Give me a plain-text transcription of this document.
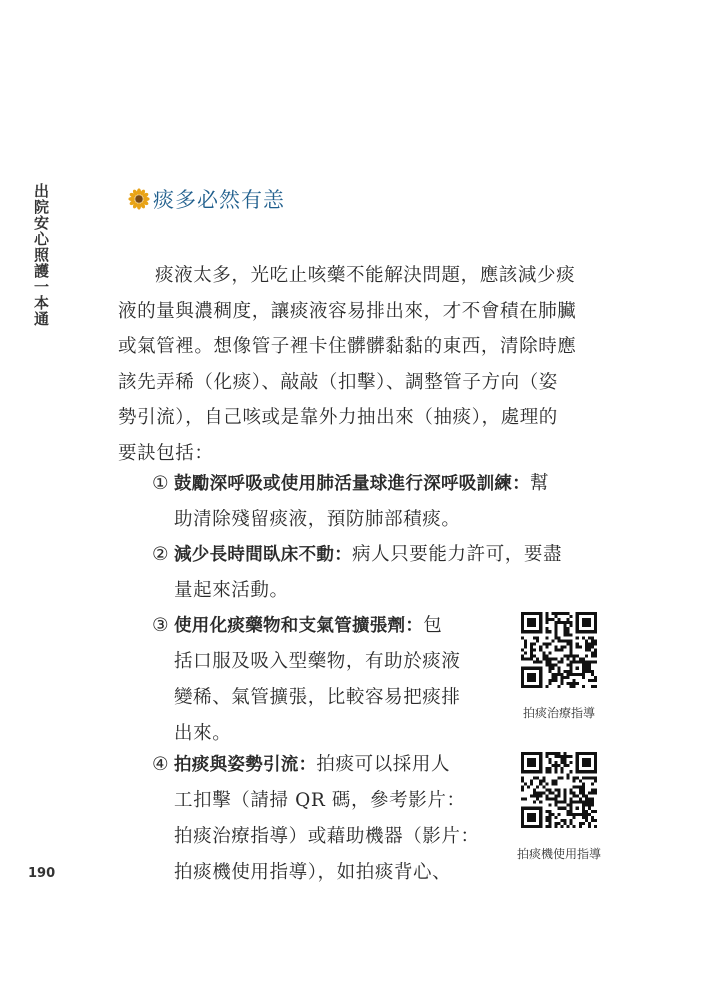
出院安心照護一本通
190
痰多必然有恙

痰液太多，光吃止咳藥不能解決問題，應該減少痰
液的量與濃稠度，讓痰液容易排出來，才不會積在肺臟
或氣管裡。想像管子裡卡住髒髒黏黏的東西，清除時應
該先弄稀（化痰）、敲敲（扣擊）、調整管子方向（姿
勢引流），自己咳或是靠外力抽出來（抽痰），處理的
要訣包括：

① 鼓勵深呼吸或使用肺活量球進行深呼吸訓練：幫
助清除殘留痰液，預防肺部積痰。
② 減少長時間臥床不動：病人只要能力許可，要盡
量起來活動。
③ 使用化痰藥物和支氣管擴張劑：包
括口服及吸入型藥物，有助於痰液
變稀、氣管擴張，比較容易把痰排
出來。
④ 拍痰與姿勢引流：拍痰可以採用人
工扣擊（請掃 QR 碼，參考影片：
拍痰治療指導）或藉助機器（影片：
拍痰機使用指導），如拍痰背心、
拍痰治療指導
拍痰機使用指導
